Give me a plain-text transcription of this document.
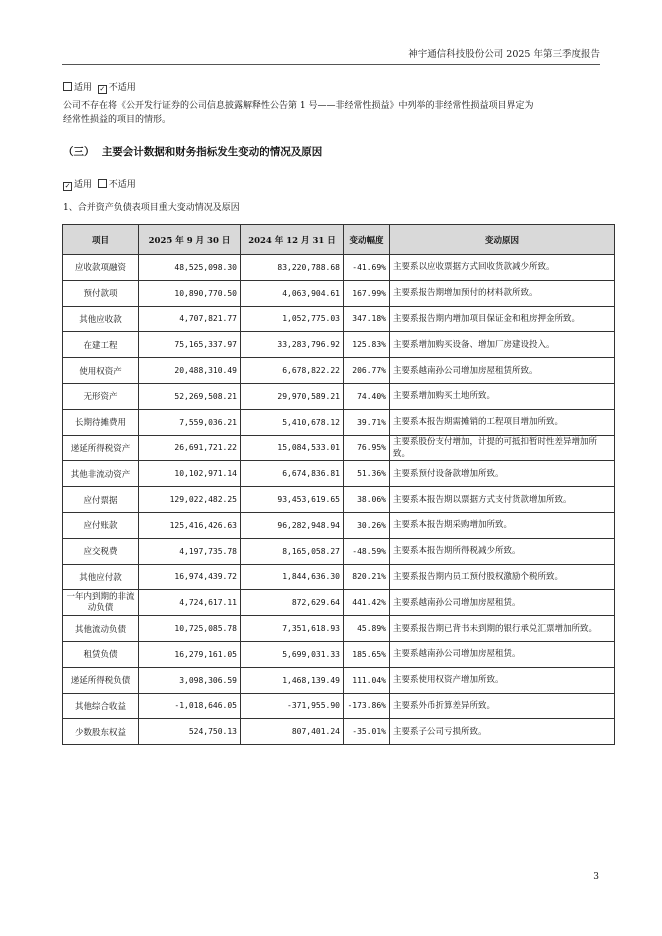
神宇通信科技股份公司 2025 年第三季度报告
适用 ✓ 不适用
公司不存在将《公开发行证券的公司信息披露解释性公告第 1 号——非经常性损益》中列举的非经常性损益项目界定为
经常性损益的项目的情形。
（三） 主要会计数据和财务指标发生变动的情况及原因
✓ 适用 不适用
1、合并资产负债表项目重大变动情况及原因
项目	2025 年 9 月 30 日	2024 年 12 月 31 日	变动幅度	变动原因
应收款项融资	48,525,098.30	83,220,788.68	-41.69%	主要系以应收票据方式回收货款减少所致。
预付款项	10,890,770.50	4,063,904.61	167.99%	主要系报告期增加预付的材料款所致。
其他应收款	4,707,821.77	1,052,775.03	347.18%	主要系报告期内增加项目保证金和租房押金所致。
在建工程	75,165,337.97	33,283,796.92	125.83%	主要系增加购买设备、增加厂房建设投入。
使用权资产	20,488,310.49	6,678,822.22	206.77%	主要系越南孙公司增加房屋租赁所致。
无形资产	52,269,508.21	29,970,589.21	74.40%	主要系增加购买土地所致。
长期待摊费用	7,559,036.21	5,410,678.12	39.71%	主要系本报告期需摊销的工程项目增加所致。
递延所得税资产	26,691,721.22	15,084,533.01	76.95%	主要系股份支付增加，计提的可抵扣暂时性差异增加所致。
其他非流动资产	10,102,971.14	6,674,836.81	51.36%	主要系预付设备款增加所致。
应付票据	129,022,482.25	93,453,619.65	38.06%	主要系本报告期以票据方式支付货款增加所致。
应付账款	125,416,426.63	96,282,948.94	30.26%	主要系本报告期采购增加所致。
应交税费	4,197,735.78	8,165,058.27	-48.59%	主要系本报告期所得税减少所致。
其他应付款	16,974,439.72	1,844,636.30	820.21%	主要系报告期内员工预付股权激励个税所致。
一年内到期的非流动负债	4,724,617.11	872,629.64	441.42%	主要系越南孙公司增加房屋租赁。
其他流动负债	10,725,085.78	7,351,618.93	45.89%	主要系报告期已背书未到期的银行承兑汇票增加所致。
租赁负债	16,279,161.05	5,699,031.33	185.65%	主要系越南孙公司增加房屋租赁。
递延所得税负债	3,098,306.59	1,468,139.49	111.04%	主要系使用权资产增加所致。
其他综合收益	-1,018,646.05	-371,955.90	-173.86%	主要系外币折算差异所致。
少数股东权益	524,750.13	807,401.24	-35.01%	主要系子公司亏损所致。
3
